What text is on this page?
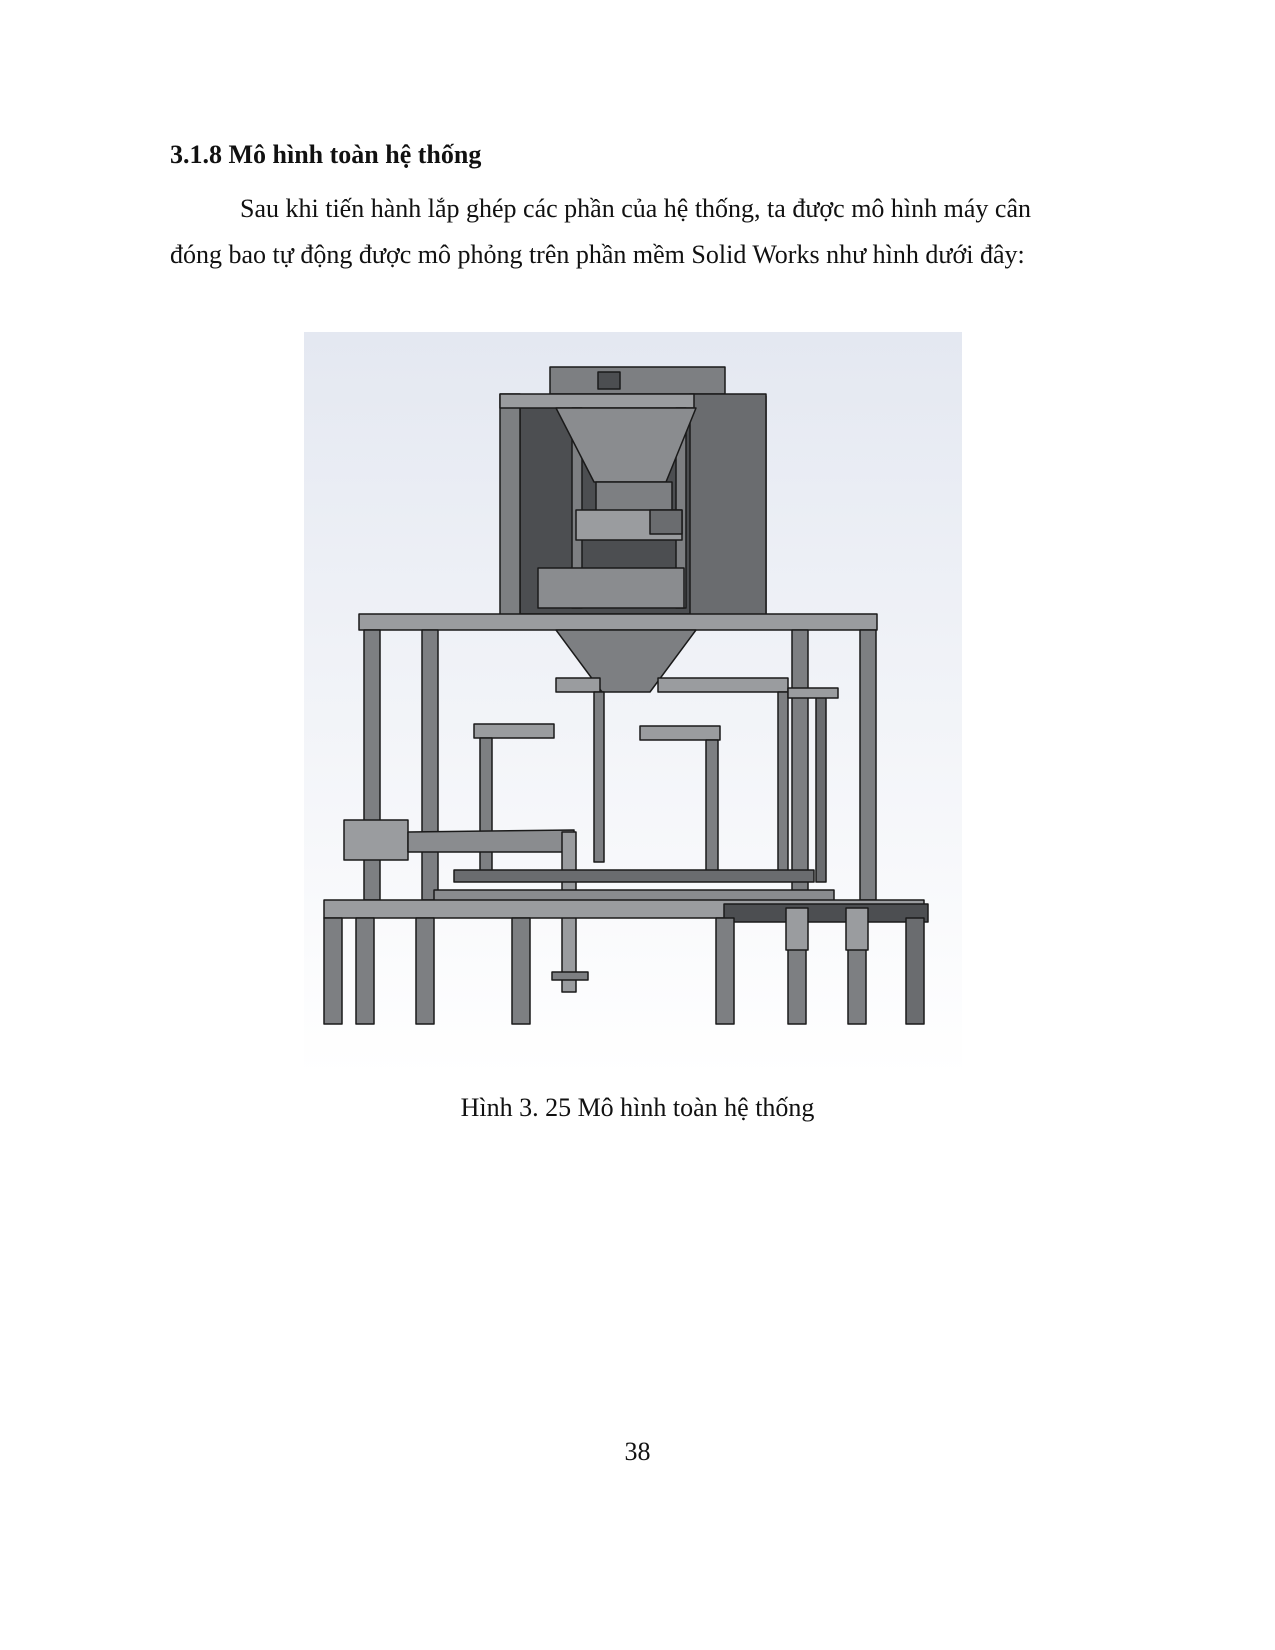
3.1.8 Mô hình toàn hệ thống
Sau khi tiến hành lắp ghép các phần của hệ thống, ta được mô hình máy cân
đóng bao tự động được mô phỏng trên phần mềm Solid Works như hình dưới đây:
Hình 3. 25 Mô hình toàn hệ thống
38
